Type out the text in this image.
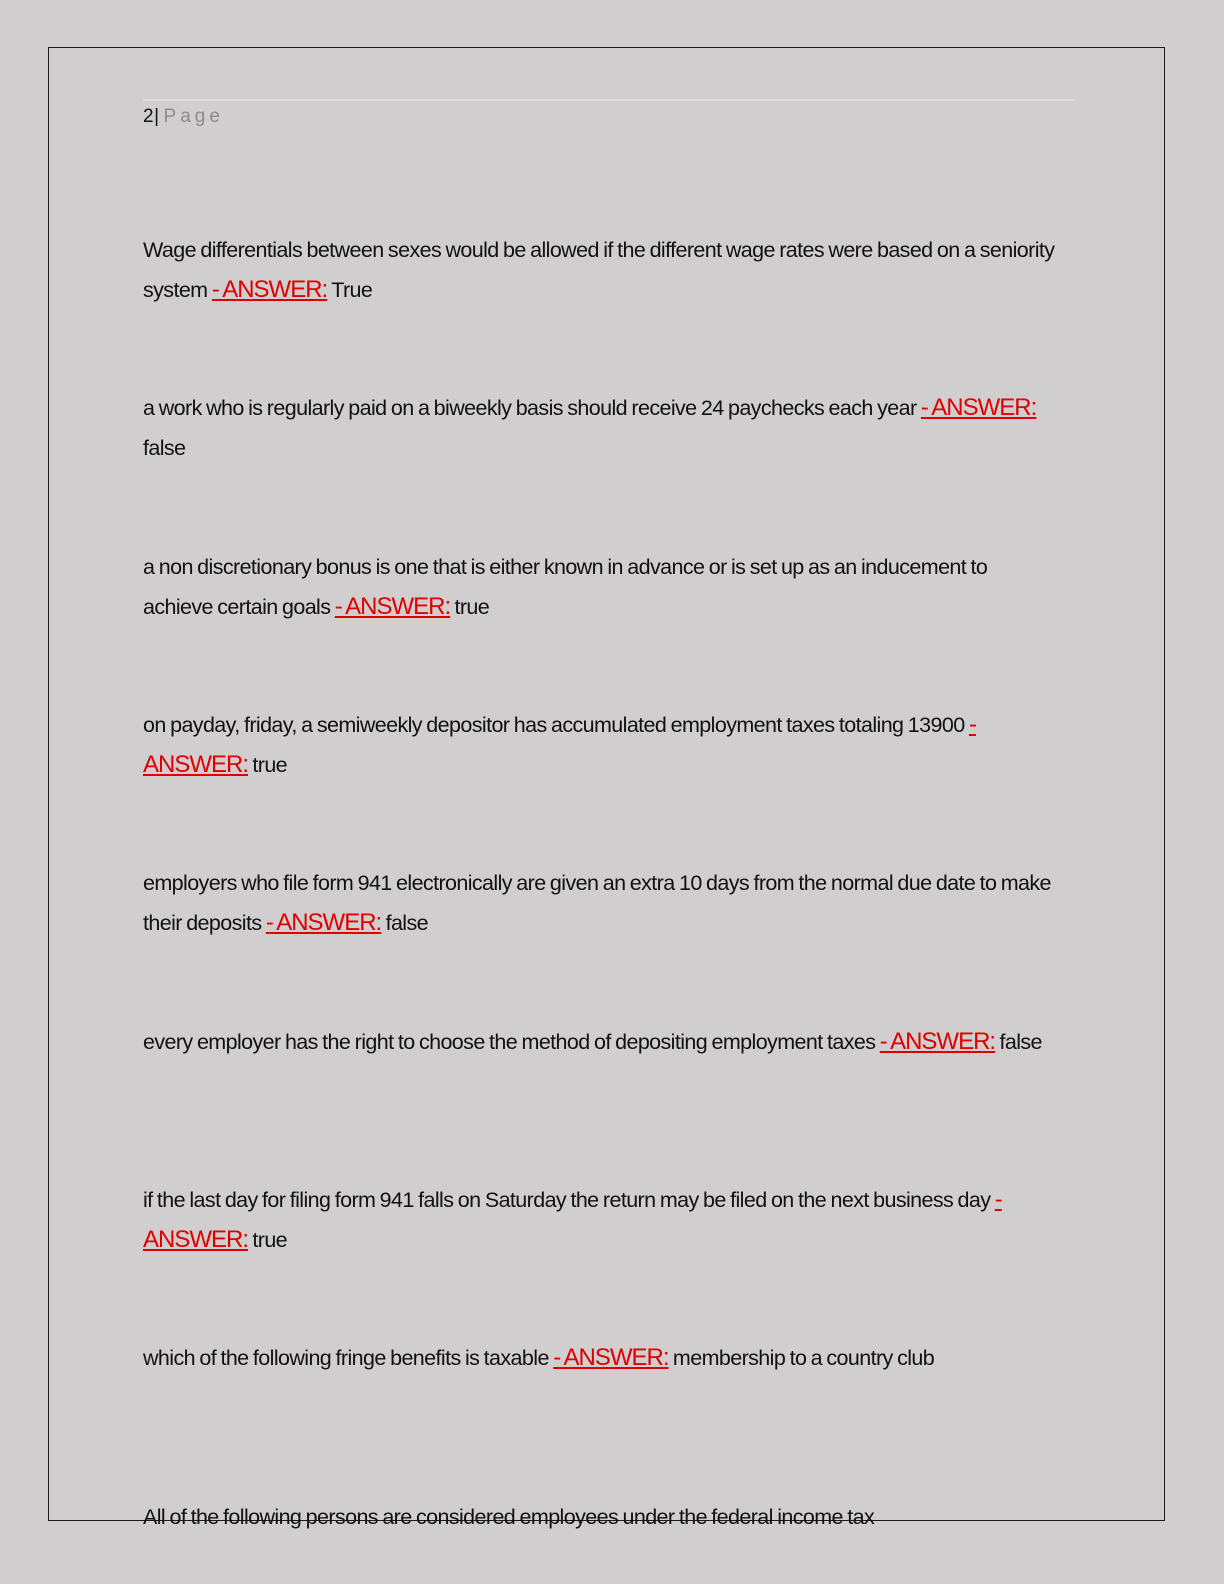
2| Page
Wage differentials between sexes would be allowed if the different wage rates were based on a seniority system - ANSWER: True
a work who is regularly paid on a biweekly basis should receive 24 paychecks each year - ANSWER: false
a non discretionary bonus is one that is either known in advance or is set up as an inducement to achieve certain goals - ANSWER: true
on payday, friday, a semiweekly depositor has accumulated employment taxes totaling 13900 - ANSWER: true
employers who file form 941 electronically are given an extra 10 days from the normal due date to make their deposits - ANSWER: false
every employer has the right to choose the method of depositing employment taxes - ANSWER: false
if the last day for filing form 941 falls on Saturday the return may be filed on the next business day - ANSWER: true
which of the following fringe benefits is taxable - ANSWER: membership to a country club
All of the following persons are considered employees under the federal income tax
